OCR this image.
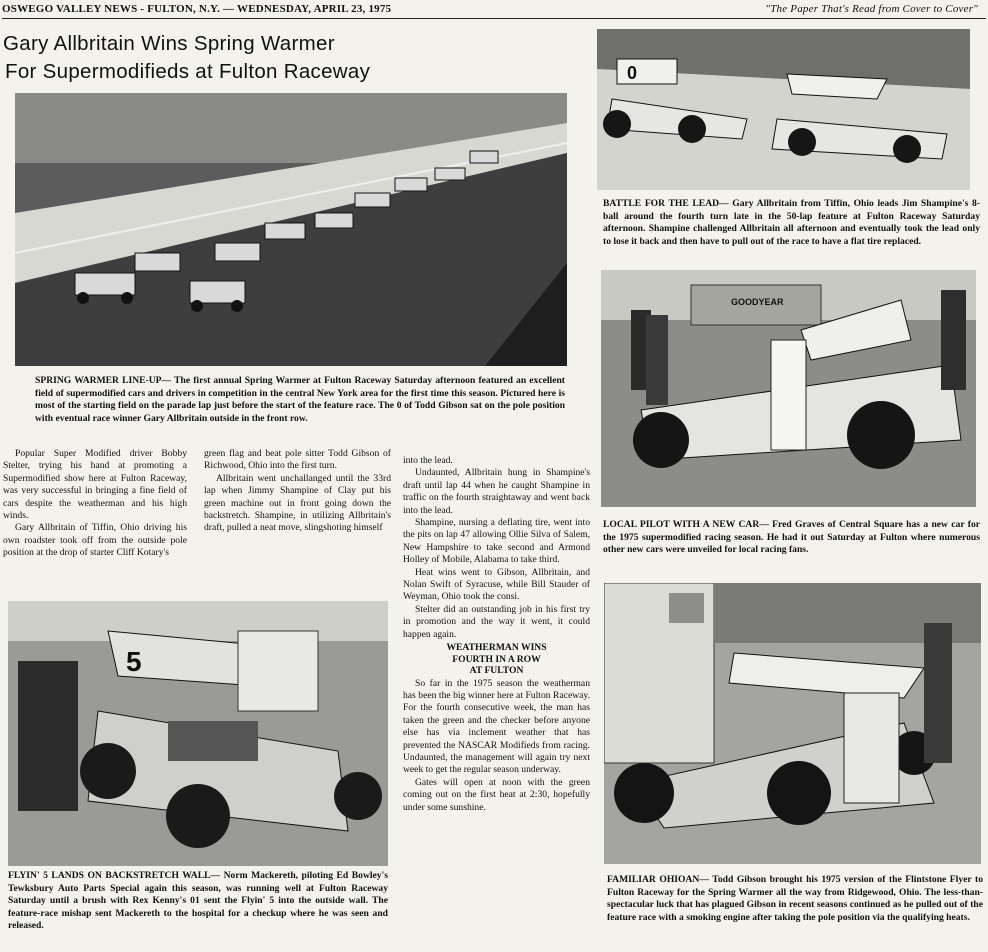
OSWEGO VALLEY NEWS - FULTON, N.Y. — WEDNESDAY, APRIL 23, 1975	"The Paper That's Read from Cover to Cover"
Gary Allbritain Wins Spring Warmer
For Supermodifieds at Fulton Raceway
SPRING WARMER LINE-UP— The first annual Spring Warmer at Fulton Raceway Saturday afternoon featured an excellent field of supermodified cars and drivers in competition in the central New York area for the first time this season. Pictured here is most of the starting field on the parade lap just before the start of the feature race. The 0 of Todd Gibson sat on the pole position with eventual race winner Gary Allbritain outside in the front row.

Popular Super Modified driver Bobby Stelter, trying his hand at promoting a Supermodified show here at Fulton Raceway, was very successful in bringing a fine field of cars despite the weatherman and his high winds.

Gary Allbritain of Tiffin, Ohio driving his own roadster took off from the outside pole position at the drop of starter Cliff Kotary's

green flag and beat pole sitter Todd Gibson of Richwood, Ohio into the first turn.

Allbritain went unchallanged until the 33rd lap when Jimmy Shampine of Clay put his green machine out in front going down the backstretch. Shampine, in utilizing Allbritain's draft, pulled a neat move, slingshoting himself

into the lead.

Undaunted, Allbritain hung in Shampine's draft until lap 44 when he caught Shampine in traffic on the fourth straightaway and went back into the lead.

Shampine, nursing a deflating tire, went into the pits on lap 47 allowing Ollie Silva of Salem, New Hampshire to take second and Armond Holley of Mobile, Alabama to take third.

Heat wins went to Gibson, Allbritain, and Nolan Swift of Syracuse, while Bill Stauder of Weyman, Ohio took the consi.

Stelter did an outstanding job in his first try in promotion and the way it went, it could happen again.

WEATHERMAN WINS
FOURTH IN A ROW
AT FULTON

So far in the 1975 season the weatherman has been the big winner here at Fulton Raceway. For the fourth consecutive week, the man has taken the green and the checker before anyone else has via inclement weather that has prevented the NASCAR Modifieds from racing. Undaunted, the management will again try next week to get the regular season underway.

Gates will open at noon with the green coming out on the first heat at 2:30, hopefully under some sunshine.

5
FLYIN' 5 LANDS ON BACKSTRETCH WALL— Norm Mackereth, piloting Ed Bowley's Tewksbury Auto Parts Special again this season, was running well at Fulton Raceway Saturday until a brush with Rex Kenny's 01 sent the Flyin' 5 into the outside wall. The feature-race mishap sent Mackereth to the hospital for a checkup where he was seen and released.
0
BATTLE FOR THE LEAD— Gary Allbritain from Tiffin, Ohio leads Jim Shampine's 8-ball around the fourth turn late in the 50-lap feature at Fulton Raceway Saturday afternoon. Shampine challenged Allbritain all afternoon and eventually took the lead only to lose it back and then have to pull out of the race to have a flat tire replaced.
GOODYEAR
LOCAL PILOT WITH A NEW CAR— Fred Graves of Central Square has a new car for the 1975 supermodified racing season. He had it out Saturday at Fulton where numerous other new cars were unveiled for local racing fans.
FAMILIAR OHIOAN— Todd Gibson brought his 1975 version of the Flintstone Flyer to Fulton Raceway for the Spring Warmer all the way from Ridgewood, Ohio. The less-than-spectacular luck that has plagued Gibson in recent seasons continued as he pulled out of the feature race with a smoking engine after taking the pole position via the qualifying heats.
